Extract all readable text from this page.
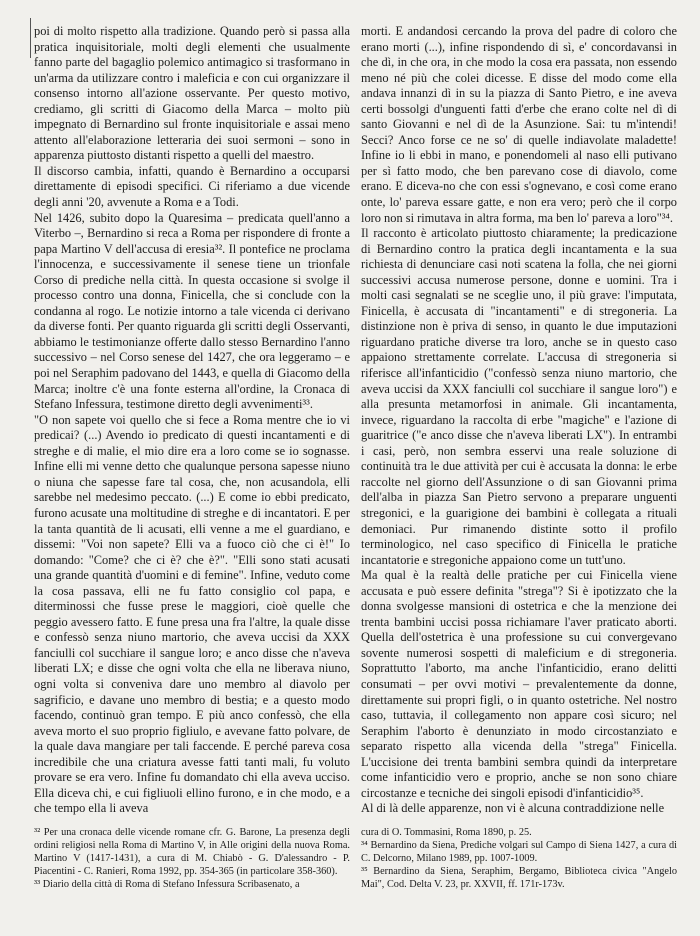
poi di molto rispetto alla tradizione. Quando però si passa alla pratica inquisitoriale, molti degli elementi che usualmente fanno parte del bagaglio polemico antimagico si trasformano in un'arma da utilizzare contro i maleficia e con cui organizzare il consenso intorno all'azione osservante. Per questo motivo, crediamo, gli scritti di Giacomo della Marca – molto più impegnato di Bernardino sul fronte inquisitoriale e assai meno attento all'elaborazione letteraria dei suoi sermoni – sono in apparenza piuttosto distanti rispetto a quelli del maestro.

Il discorso cambia, infatti, quando è Bernardino a occuparsi direttamente di episodi specifici. Ci riferiamo a due vicende degli anni '20, avvenute a Roma e a Todi.

Nel 1426, subito dopo la Quaresima – predicata quell'anno a Viterbo –, Bernardino si reca a Roma per rispondere di fronte a papa Martino V dell'accusa di eresia³². Il pontefice ne proclama l'innocenza, e successivamente il senese tiene un trionfale Corso di prediche nella città. In questa occasione si svolge il processo contro una donna, Finicella, che si conclude con la condanna al rogo. Le notizie intorno a tale vicenda ci derivano da diverse fonti. Per quanto riguarda gli scritti degli Osservanti, abbiamo le testimonianze offerte dallo stesso Bernardino l'anno successivo – nel Corso senese del 1427, che ora leggeramo – e poi nel Seraphim padovano del 1443, e quella di Giacomo della Marca; inoltre c'è una fonte esterna all'ordine, la Cronaca di Stefano Infessura, testimone diretto degli avvenimenti³³.

"O non sapete voi quello che si fece a Roma mentre che io vi predicai? (...) Avendo io predicato di questi incantamenti e di streghe e di malie, el mio dire era a loro come se io sognasse. Infine elli mi venne detto che qualunque persona sapesse niuno o niuna che sapesse fare tal cosa, che, non acusandola, elli sarebbe nel medesimo peccato. (...) E come io ebbi predicato, furono acusate una moltitudine di streghe e di incantatori. E per la tanta quantità de li acusati, elli venne a me el guardiano, e dissemi: "Voi non sapete? Elli va a fuoco ciò che ci è!" Io domando: "Come? che ci è? che è?". "Elli sono stati acusati una grande quantità d'uomini e di femine". Infine, veduto come la cosa passava, elli ne fu fatto consiglio col papa, e diterminossi che fusse prese le maggiori, cioè quelle che peggio avessero fatto. E fune presa una fra l'altre, la quale disse e confessò senza niuno martorio, che aveva uccisi da XXX fanciulli col succhiare il sangue loro; e anco disse che n'aveva liberati LX; e disse che ogni volta che ella ne liberava niuno, ogni volta si conveniva dare uno membro al diavolo per sagrificio, e davane uno membro di bestia; e a questo modo facendo, continuò gran tempo. E più anco confessò, che ella aveva morto el suo proprio figliulo, e avevane fatto polvare, de la quale dava mangiare per tali faccende. E perché pareva cosa incredibile che una criatura avesse fatti tanti mali, fu voluto provare se era vero. Infine fu domandato chi ella aveva ucciso. Ella diceva chi, e cui figliuoli ellino furono, e in che modo, e a che tempo ella li aveva

morti. E andandosi cercando la prova del padre di coloro che erano morti (...), infine rispondendo di sì, e' concordavansi in che dì, in che ora, in che modo la cosa era passata, non essendo meno né più che colei dicesse. E disse del modo come ella andava innanzi dì in su la piazza di Santo Pietro, e ine aveva certi bossolgi d'unguenti fatti d'erbe che erano colte nel dì di santo Giovanni e nel dì de la Asunzione. Sai: tu m'intendi! Secci? Anco forse ce ne so' di quelle indiavolate maladette! Infine io li ebbi in mano, e ponendomeli al naso elli putivano per sì fatto modo, che ben parevano cose di diavolo, come erano. E diceva-no che con essi s'ognevano, e così come erano onte, lo' pareva essare gatte, e non era vero; però che il corpo loro non si rimutava in altra forma, ma ben lo' pareva a loro"³⁴.

Il racconto è articolato piuttosto chiaramente; la predicazione di Bernardino contro la pratica degli incantamenta e la sua richiesta di denunciare casi noti scatena la folla, che nei giorni successivi accusa numerose persone, donne e uomini. Tra i molti casi segnalati se ne sceglie uno, il più grave: l'imputata, Finicella, è accusata di "incantamenti" e di stregoneria. La distinzione non è priva di senso, in quanto le due imputazioni riguardano pratiche diverse tra loro, anche se in questo caso appaiono strettamente correlate. L'accusa di stregoneria si riferisce all'infanticidio ("confessò senza niuno martorio, che aveva uccisi da XXX fanciulli col succhiare il sangue loro") e alla presunta metamorfosi in animale. Gli incantamenta, invece, riguardano la raccolta di erbe "magiche" e l'azione di guaritrice ("e anco disse che n'aveva liberati LX"). In entrambi i casi, però, non sembra esservi una reale soluzione di continuità tra le due attività per cui è accusata la donna: le erbe raccolte nel giorno dell'Assunzione o di san Giovanni prima dell'alba in piazza San Pietro servono a preparare unguenti stregonici, e la guarigione dei bambini è collegata a rituali demoniaci. Pur rimanendo distinte sotto il profilo terminologico, nel caso specifico di Finicella le pratiche incantatorie e stregoniche appaiono come un tutt'uno.

Ma qual è la realtà delle pratiche per cui Finicella viene accusata e può essere definita "strega"? Si è ipotizzato che la donna svolgesse mansioni di ostetrica e che la menzione dei trenta bambini uccisi possa richiamare l'aver praticato aborti. Quella dell'ostetrica è una professione su cui convergevano sovente numerosi sospetti di maleficium e di stregoneria. Soprattutto l'aborto, ma anche l'infanticidio, erano delitti consumati – per ovvi motivi – prevalentemente da donne, direttamente sui propri figli, o in quanto ostetriche. Nel nostro caso, tuttavia, il collegamento non appare così sicuro; nel Seraphim l'aborto è denunziato in modo circostanziato e separato rispetto alla vicenda della "strega" Finicella. L'uccisione dei trenta bambini sembra quindi da interpretare come infanticidio vero e proprio, anche se non sono chiare circostanze e tecniche dei singoli episodi d'infanticidio³⁵.

Al di là delle apparenze, non vi è alcuna contraddizione nelle

³² Per una cronaca delle vicende romane cfr. G. Barone, La presenza degli ordini religiosi nella Roma di Martino V, in Alle origini della nuova Roma. Martino V (1417-1431), a cura di M. Chiabò - G. D'alessandro - P. Piacentini - C. Ranieri, Roma 1992, pp. 354-365 (in particolare 358-360).

³³ Diario della città di Roma di Stefano Infessura Scribasenato, a

cura di O. Tommasini, Roma 1890, p. 25.

³⁴ Bernardino da Siena, Prediche volgari sul Campo di Siena 1427, a cura di C. Delcorno, Milano 1989, pp. 1007-1009.

³⁵ Bernardino da Siena, Seraphim, Bergamo, Biblioteca civica "Angelo Mai", Cod. Delta V. 23, pr. XXVII, ff. 171r-173v.
